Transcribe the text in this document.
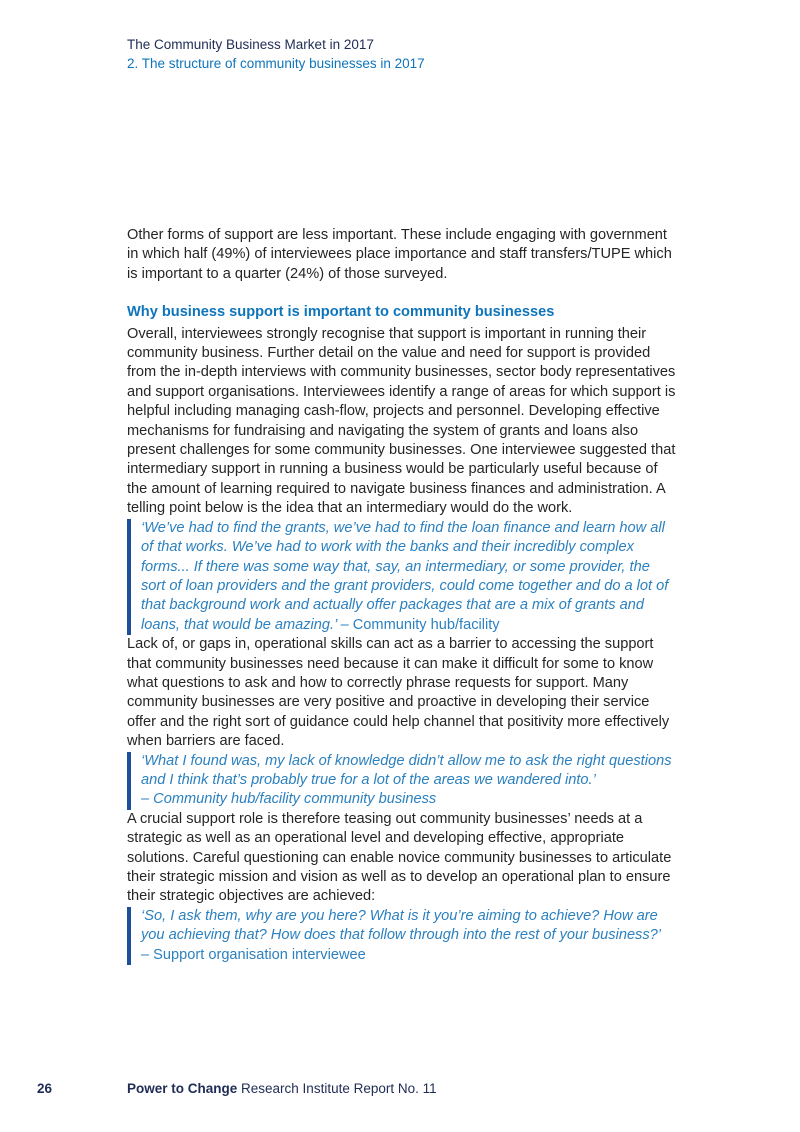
The Community Business Market in 2017
2. The structure of community businesses in 2017

Other forms of support are less important. These include engaging with government in which half (49%) of interviewees place importance and staff transfers/TUPE which is important to a quarter (24%) of those surveyed.

Why business support is important to community businesses

Overall, interviewees strongly recognise that support is important in running their community business. Further detail on the value and need for support is provided from the in-depth interviews with community businesses, sector body representatives and support organisations. Interviewees identify a range of areas for which support is helpful including managing cash-flow, projects and personnel. Developing effective mechanisms for fundraising and navigating the system of grants and loans also present challenges for some community businesses. One interviewee suggested that intermediary support in running a business would be particularly useful because of the amount of learning required to navigate business finances and administration. A telling point below is the idea that an intermediary would do the work.

‘We’ve had to find the grants, we’ve had to find the loan finance and learn how all of that works. We’ve had to work with the banks and their incredibly complex forms... If there was some way that, say, an intermediary, or some provider, the sort of loan providers and the grant providers, could come together and do a lot of that background work and actually offer packages that are a mix of grants and loans, that would be amazing.’ – Community hub/facility

Lack of, or gaps in, operational skills can act as a barrier to accessing the support that community businesses need because it can make it difficult for some to know what questions to ask and how to correctly phrase requests for support. Many community businesses are very positive and proactive in developing their service offer and the right sort of guidance could help channel that positivity more effectively when barriers are faced.

‘What I found was, my lack of knowledge didn’t allow me to ask the right questions and I think that’s probably true for a lot of the areas we wandered into.’

– Community hub/facility community business

A crucial support role is therefore teasing out community businesses’ needs at a strategic as well as an operational level and developing effective, appropriate solutions. Careful questioning can enable novice community businesses to articulate their strategic mission and vision as well as to develop an operational plan to ensure their strategic objectives are achieved:

‘So, I ask them, why are you here? What is it you’re aiming to achieve? How are you achieving that? How does that follow through into the rest of your business?’

– Support organisation interviewee

26	Power to Change Research Institute Report No. 11
